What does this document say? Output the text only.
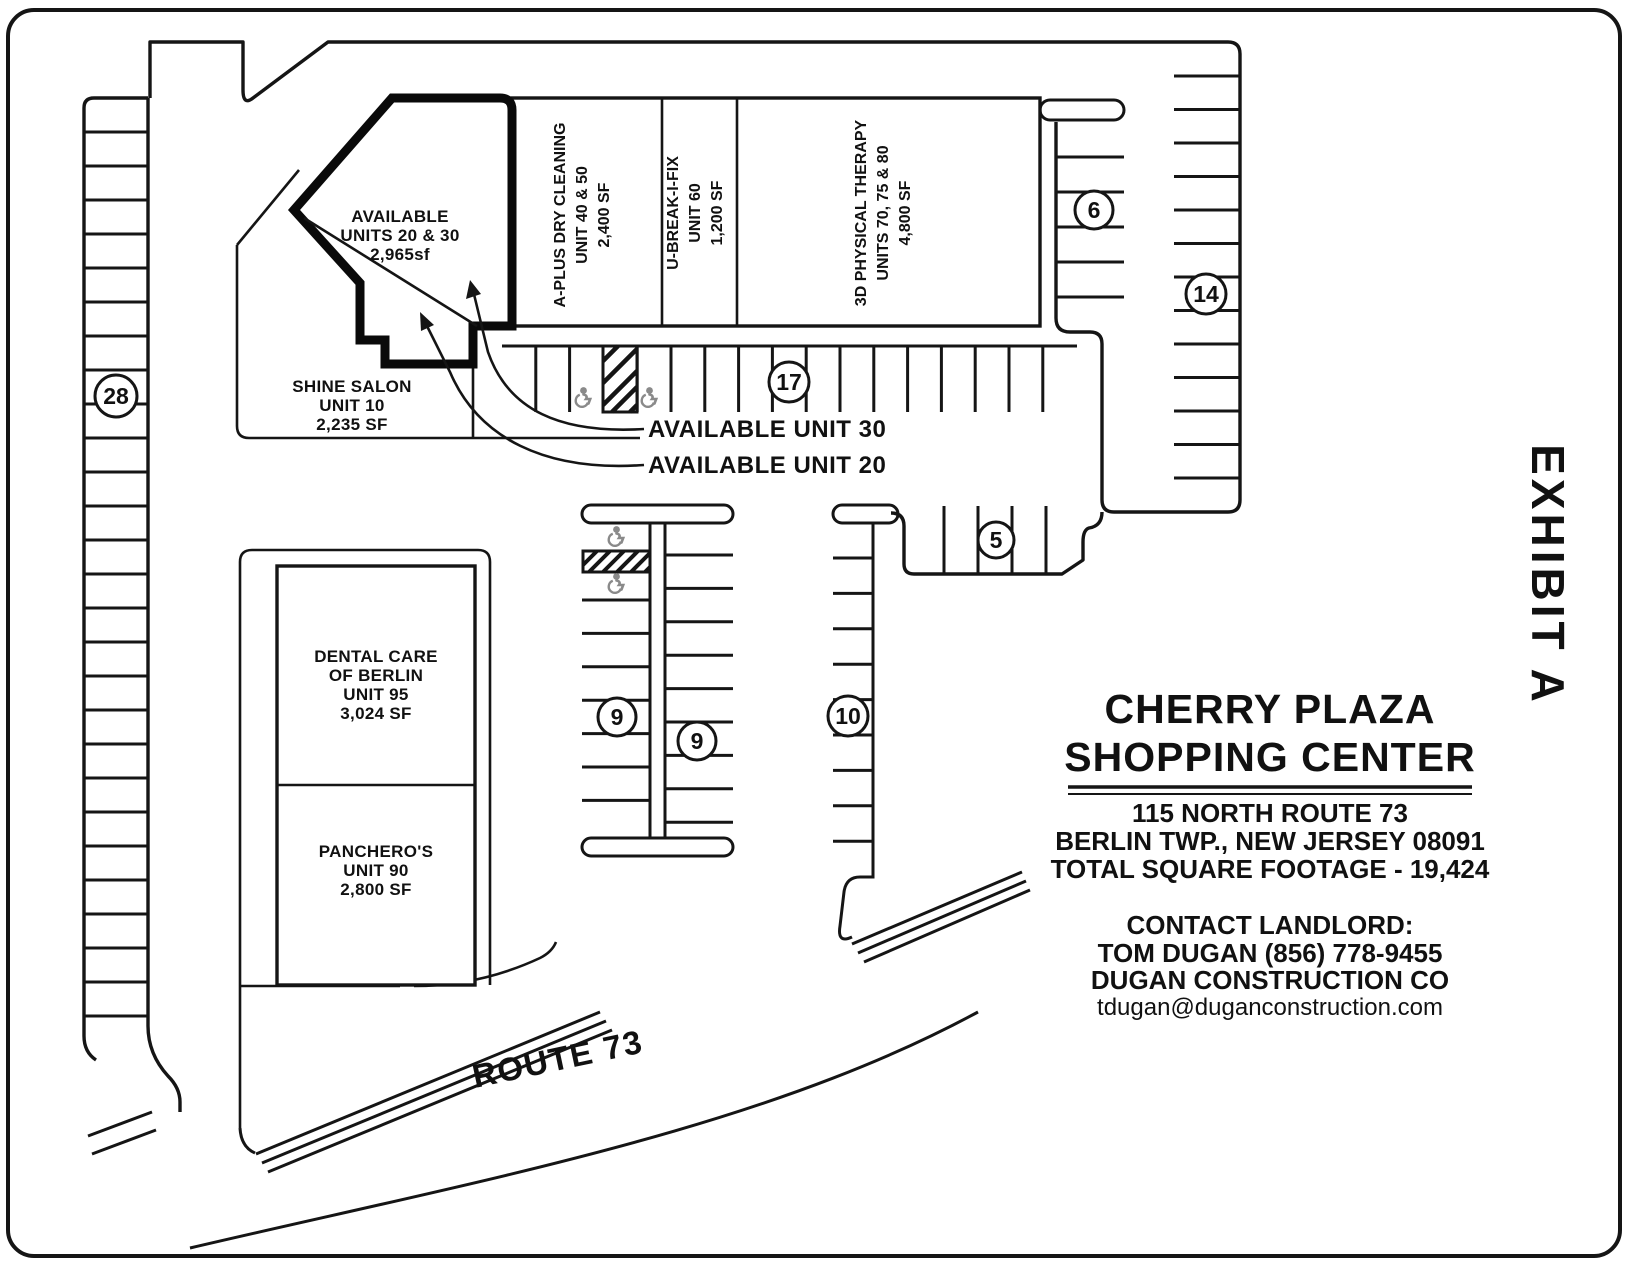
28
14
6
17
5
9
9
10
AVAILABLE
UNITS 20 & 30
2,965sf
SHINE SALON
UNIT 10
2,235 SF
A-PLUS DRY CLEANING UNIT 40 & 50 2,400 SF	U-BREAK-I-FIX UNIT 60 1,200 SF	3D PHYSICAL THERAPY UNITS 70, 75 & 80 4,800 SF
DENTAL CARE
OF BERLIN
UNIT 95
3,024 SF
PANCHERO'S
UNIT 90
2,800 SF
AVAILABLE UNIT 30
AVAILABLE UNIT 20
CHERRY PLAZA
SHOPPING CENTER
115 NORTH ROUTE 73
BERLIN TWP., NEW JERSEY 08091
TOTAL SQUARE FOOTAGE - 19,424
CONTACT LANDLORD:
TOM DUGAN (856) 778-9455
DUGAN CONSTRUCTION CO
tdugan@duganconstruction.com
EXHIBIT A
ROUTE 73
